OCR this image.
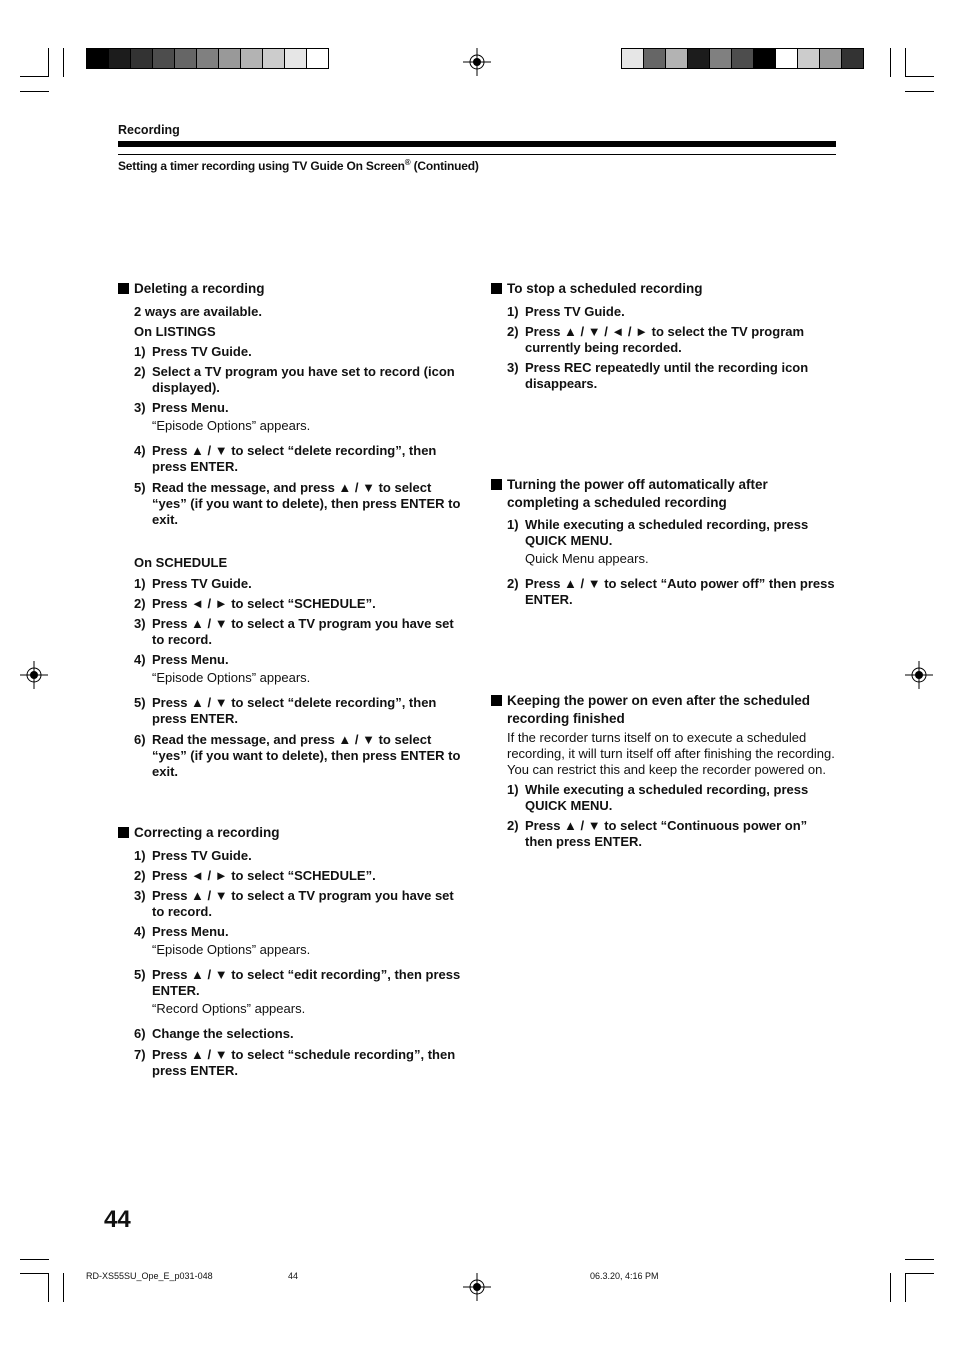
Recording
Setting a timer recording using TV Guide On Screen® (Continued)
Deleting a recording
2 ways are available.
On LISTINGS
1) Press TV Guide.
2) Select a TV program you have set to record (icon displayed).
3) Press Menu.
“Episode Options” appears.
4) Press ▲ / ▼ to select “delete recording”, then press ENTER.
5) Read the message, and press ▲ / ▼ to select “yes” (if you want to delete), then press ENTER to exit.
On SCHEDULE
1) Press TV Guide.
2) Press ◄ / ► to select “SCHEDULE”.
3) Press ▲ / ▼ to select a TV program you have set to record.
4) Press Menu.
“Episode Options” appears.
5) Press ▲ / ▼ to select “delete recording”, then press ENTER.
6) Read the message, and press ▲ / ▼ to select “yes” (if you want to delete), then press ENTER to exit.
Correcting a recording
1) Press TV Guide.
2) Press ◄ / ► to select “SCHEDULE”.
3) Press ▲ / ▼ to select a TV program you have set to record.
4) Press Menu.
“Episode Options” appears.
5) Press ▲ / ▼ to select “edit recording”, then press ENTER.
“Record Options” appears.
6) Change the selections.
7) Press ▲ / ▼ to select “schedule recording”, then press ENTER.
To stop a scheduled recording
1) Press TV Guide.
2) Press ▲ / ▼ / ◄ / ► to select the TV program currently being recorded.
3) Press REC repeatedly until the recording icon disappears.
Turning the power off automatically after completing a scheduled recording
1) While executing a scheduled recording, press QUICK MENU.
Quick Menu appears.
2) Press ▲ / ▼ to select “Auto power off” then press ENTER.
Keeping the power on even after the scheduled recording finished
If the recorder turns itself on to execute a scheduled recording, it will turn itself off after finishing the recording. You can restrict this and keep the recorder powered on.
1) While executing a scheduled recording, press QUICK MENU.
2) Press ▲ / ▼ to select “Continuous power on” then press ENTER.
44
RD-XS55SU_Ope_E_p031-048	44	06.3.20, 4:16 PM
